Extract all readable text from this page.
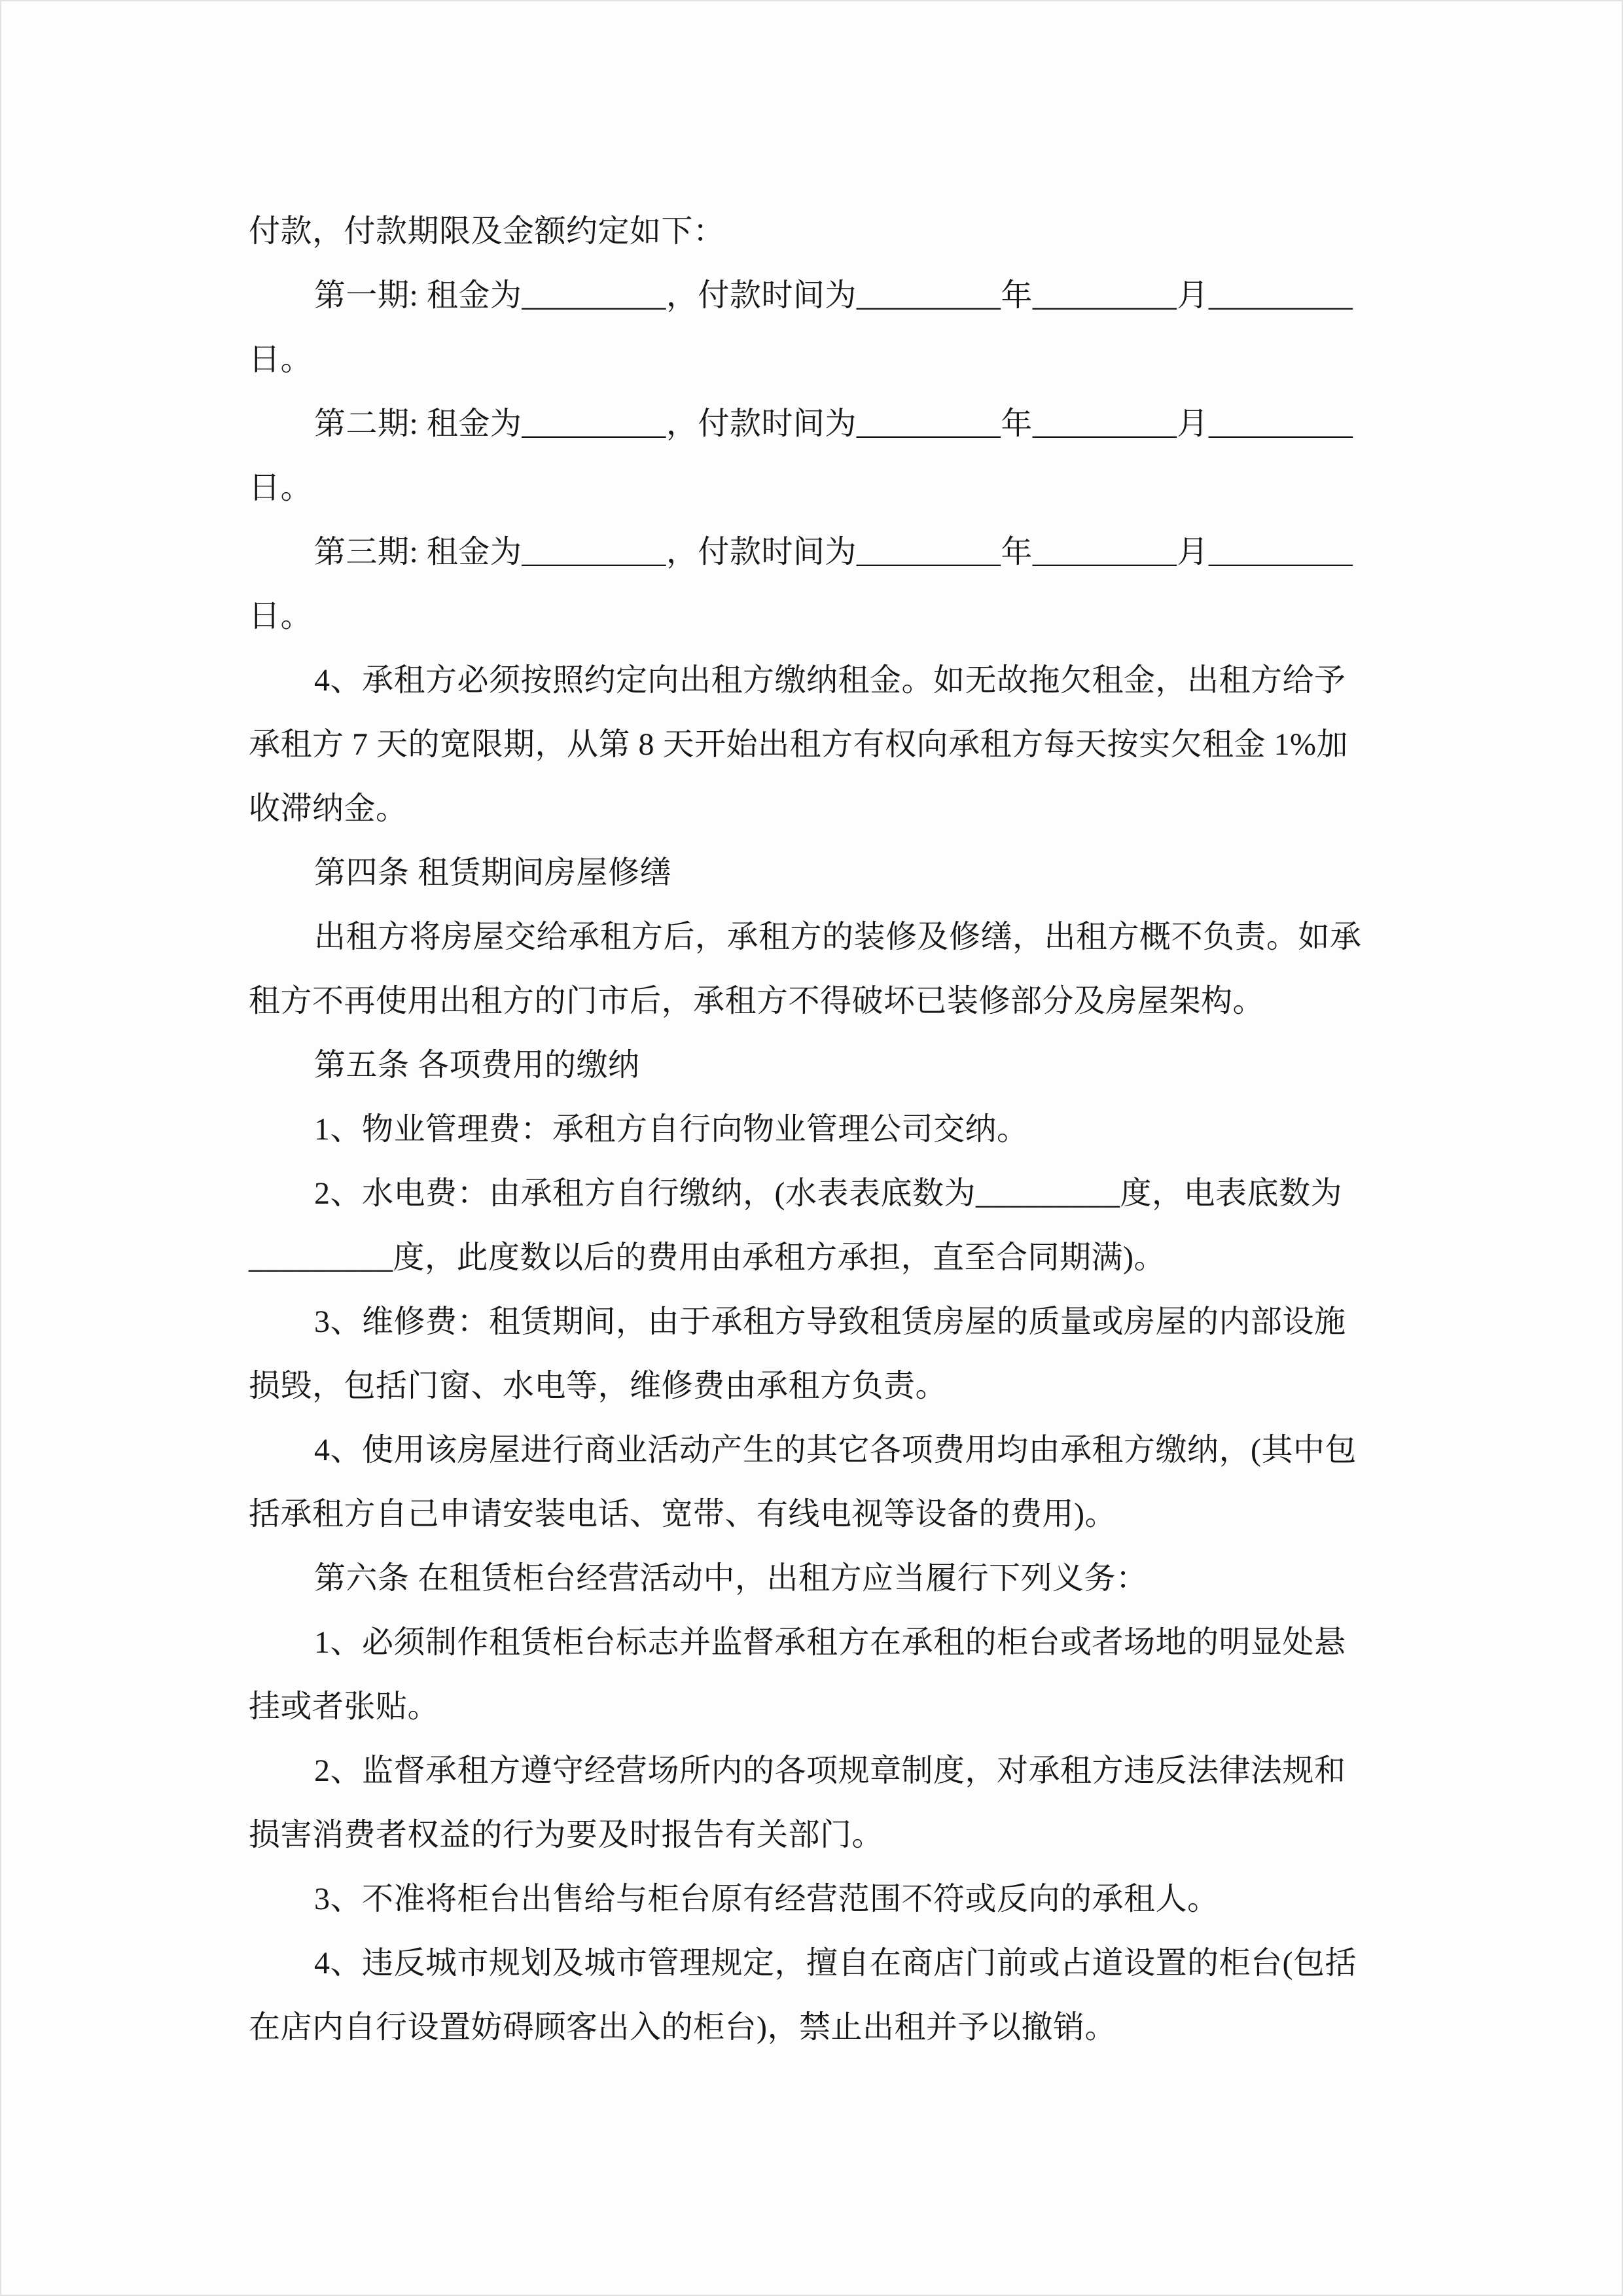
付款，付款期限及金额约定如下：
第一期: 租金为_________，付款时间为_________年_________月_________
日。
第二期: 租金为_________，付款时间为_________年_________月_________
日。
第三期: 租金为_________，付款时间为_________年_________月_________
日。
4、承租方必须按照约定向出租方缴纳租金。如无故拖欠租金，出租方给予
承租方 7 天的宽限期，从第 8 天开始出租方有权向承租方每天按实欠租金 1%加
收滞纳金。
第四条 租赁期间房屋修缮
出租方将房屋交给承租方后，承租方的装修及修缮，出租方概不负责。如承
租方不再使用出租方的门市后，承租方不得破坏已装修部分及房屋架构。
第五条 各项费用的缴纳
1、物业管理费：承租方自行向物业管理公司交纳。
2、水电费：由承租方自行缴纳，(水表表底数为_________度，电表底数为
_________度，此度数以后的费用由承租方承担，直至合同期满)。
3、维修费：租赁期间，由于承租方导致租赁房屋的质量或房屋的内部设施
损毁，包括门窗、水电等，维修费由承租方负责。
4、使用该房屋进行商业活动产生的其它各项费用均由承租方缴纳，(其中包
括承租方自己申请安装电话、宽带、有线电视等设备的费用)。
第六条 在租赁柜台经营活动中，出租方应当履行下列义务：
1、必须制作租赁柜台标志并监督承租方在承租的柜台或者场地的明显处悬
挂或者张贴。
2、监督承租方遵守经营场所内的各项规章制度，对承租方违反法律法规和
损害消费者权益的行为要及时报告有关部门。
3、不准将柜台出售给与柜台原有经营范围不符或反向的承租人。
4、违反城市规划及城市管理规定，擅自在商店门前或占道设置的柜台(包括
在店内自行设置妨碍顾客出入的柜台)，禁止出租并予以撤销。
